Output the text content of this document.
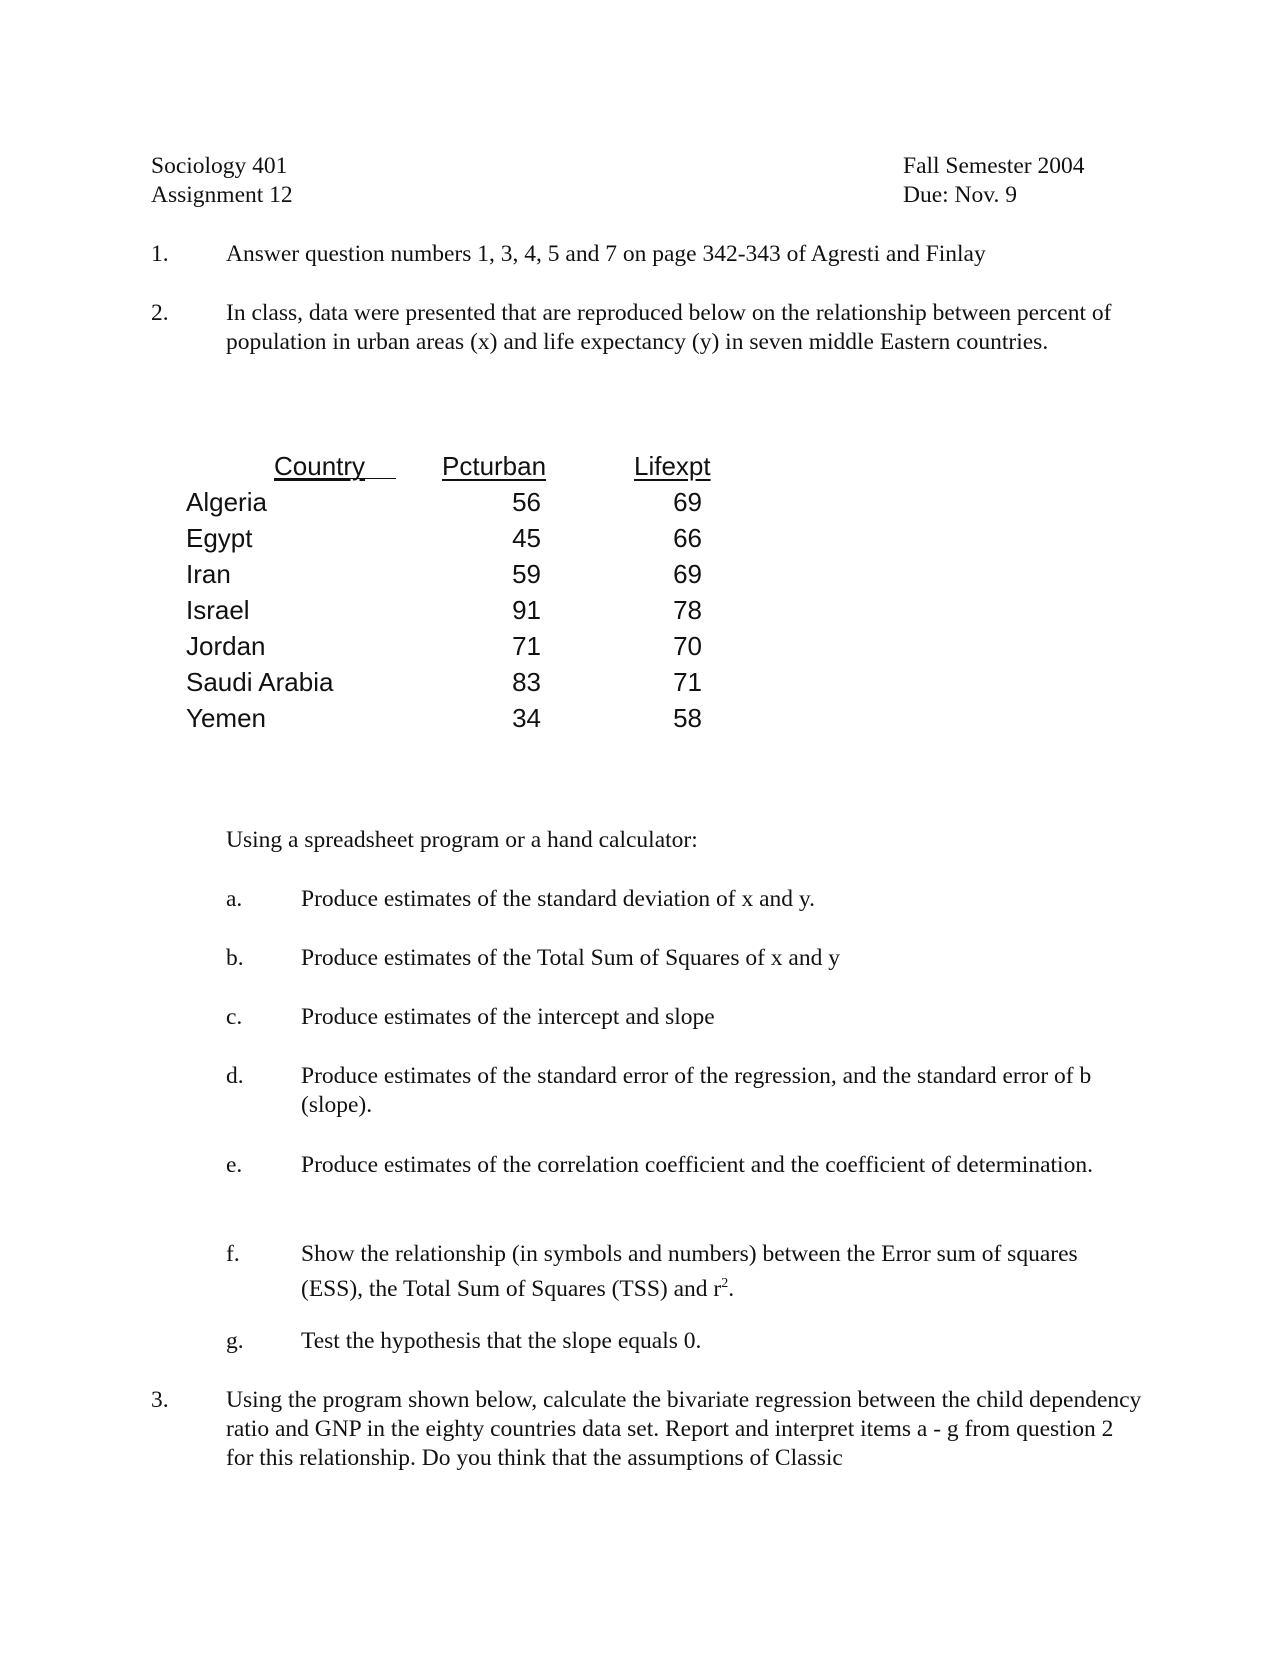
Sociology 401
Assignment 12
Fall Semester 2004
Due: Nov. 9
1. Answer question numbers 1, 3, 4, 5 and 7 on page 342-343 of Agresti and Finlay
2. In class, data were presented that are reproduced below on the relationship between percent of population in urban areas (x) and life expectancy (y) in seven middle Eastern countries.
Country	Pcturban	Lifexpt
Algeria	56	69
Egypt	45	66
Iran	59	69
Israel	91	78
Jordan	71	70
Saudi Arabia	83	71
Yemen	34	58
Using a spreadsheet program or a hand calculator:
a. Produce estimates of the standard deviation of x and y.
b. Produce estimates of the Total Sum of Squares of x and y
c. Produce estimates of the intercept and slope
d. Produce estimates of the standard error of the regression, and the standard error of b (slope).
e. Produce estimates of the correlation coefficient and the coefficient of determination.
f.	Show the relationship (in symbols and numbers) between the Error sum of squares (ESS), the Total Sum of Squares (TSS) and $r^2$.
g. Test the hypothesis that the slope equals 0.
3. Using the program shown below, calculate the bivariate regression between the child dependency ratio and GNP in the eighty countries data set. Report and interpret items a - g from question 2 for this relationship. Do you think that the assumptions of Classic
